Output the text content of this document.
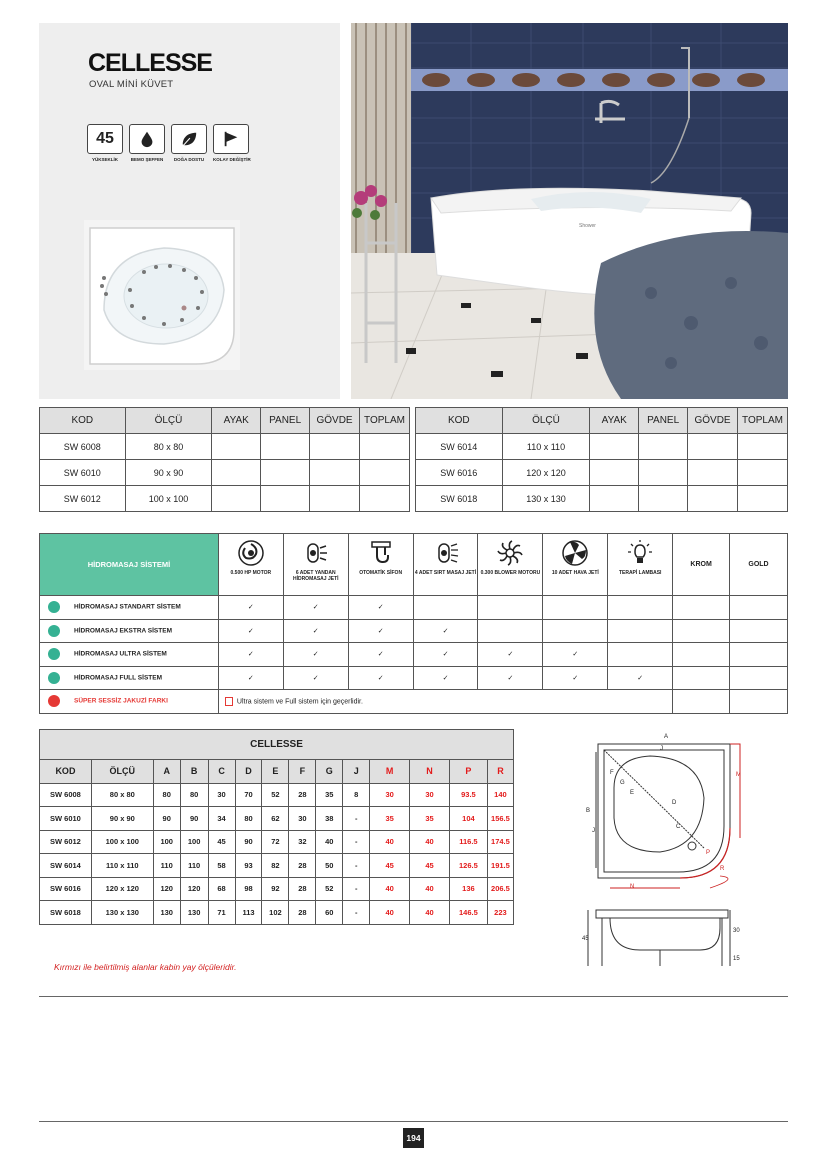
CELLESSE
OVAL MİNİ KÜVET
45
YÜKSEKLİK	BEMO ŞEFFEN	DOĞA DOSTU	KOLAY DEĞİŞTİR
Shower
KOD	ÖLÇÜ	AYAK	PANEL	GÖVDE	TOPLAM
SW 6008	80 x 80				
SW 6010	90 x 90				
SW 6012	100 x 100				
KOD	ÖLÇÜ	AYAK	PANEL	GÖVDE	TOPLAM
SW 6014	110 x 110				
SW 6016	120 x 120				
SW 6018	130 x 130				
HİDROMASAJ SİSTEMİ	0.500 HP MOTOR	6 ADET YANDAN HİDROMASAJ JETİ	OTOMATİK SİFON	4 ADET SIRT MASAJ JETİ	0.300 BLOWER MOTORU	10 ADET HAVA JETİ	TERAPİ LAMBASI	KROM	GOLD
HİDROMASAJ STANDART SİSTEM	✓	✓	✓						
HİDROMASAJ EKSTRA SİSTEM	✓	✓	✓	✓					
HİDROMASAJ ULTRA SİSTEM	✓	✓	✓	✓	✓	✓			
HİDROMASAJ FULL SİSTEM	✓	✓	✓	✓	✓	✓	✓		
SÜPER SESSİZ JAKUZİ FARKI	Ultra sistem ve Full sistem için geçerlidir.								
CELLESSE													
KOD	ÖLÇÜ	A	B	C	D	E	F	G	J	M	N	P	R
SW 6008	80 x 80	80	80	30	70	52	28	35	8	30	30	93.5	140
SW 6010	90 x 90	90	90	34	80	62	30	38	-	35	35	104	156.5
SW 6012	100 x 100	100	100	45	90	72	32	40	-	40	40	116.5	174.5
SW 6014	110 x 110	110	110	58	93	82	28	50	-	45	45	126.5	191.5
SW 6016	120 x 120	120	120	68	98	92	28	52	-	40	40	136	206.5
SW 6018	130 x 130	130	130	71	113	102	28	60	-	40	40	146.5	223
Kırmızı ile belirtilmiş alanlar kabin yay ölçüleridir.
A
J
B
J
M
F
G
E
D
C
P
R
N
45
30
15
194
